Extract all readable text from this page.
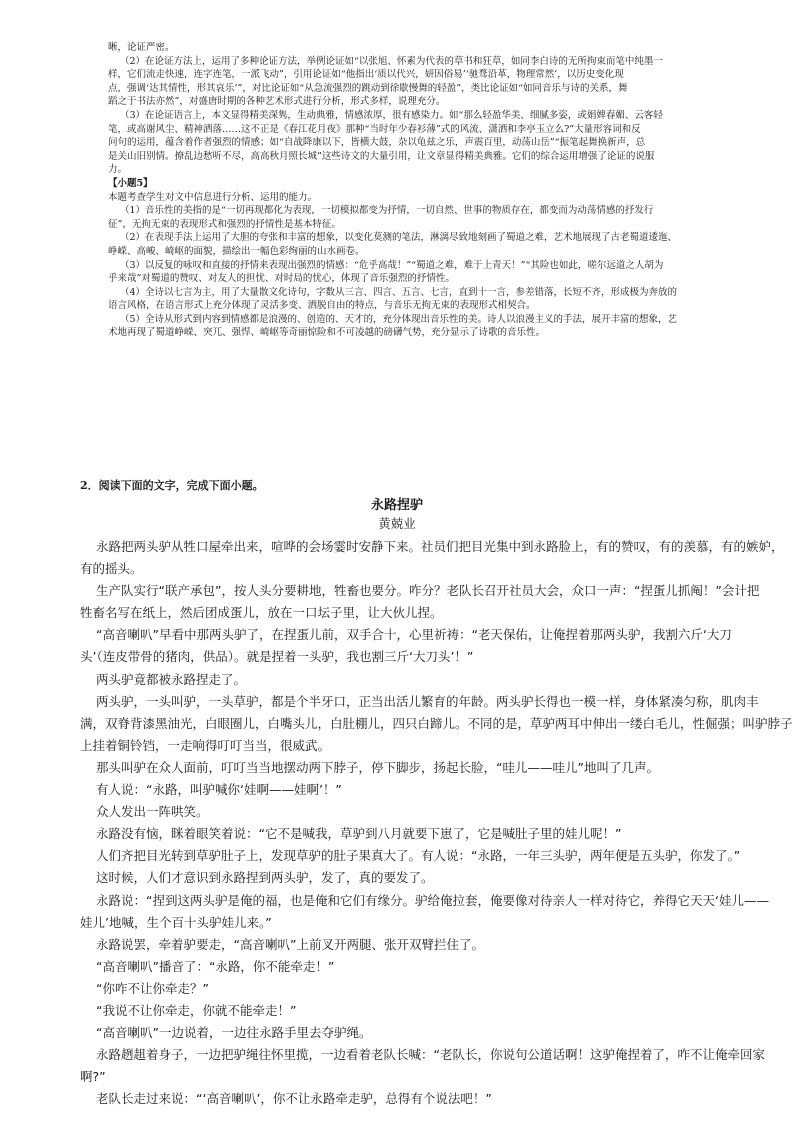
晰，论证严密。
（2）在论证方法上，运用了多种论证方法，举例论证如“以张旭、怀素为代表的草书和狂草，如同李白诗的无所拘束而笔中纯墨一
样，它们流走快速，连字连笔，一派飞动”，引用论证如“他指出‘质以代兴，妍因俗易’‘驰骛沿革，物理常然’，以历史变化现
点，强调‘达其情性，形其哀乐’”，对比论证如“从急流强烈的跳动到徐歇慢舞的轻盈”，类比论证如“如同音乐与诗的关系，舞
蹈之于书法亦然”，对盛唐时期的各种艺术形式进行分析，形式多样，说理充分。
（3）在论证语言上，本文显得精美深隽，生动典雅，情感浓厚，很有感染力。如“那么轻盈华美、细腻多姿，或娟婢春媚、云客轻
笔，或高谢风尘、精神洒落……这不正是《春江花月夜》那种“当时年少春衫薄”式的风流、潇洒和李亭玉立么?”大量形容词和反
问句的运用，蕴含着作者强烈的情感；如“自战降康以下，皆横大鼓，杂以龟兹之乐，声震百里，动荡山岳”“振笔起舞换新声，总
是关山旧别情。撩乱边愁听不尽，高高秋月照长城”这些诗文的大量引用，让文章显得精美典雅。它们的综合运用增强了论证的说服
力。
【小题5】
本题考查学生对文中信息进行分析、运用的能力。
（1）音乐性的美指的是“一切再现都化为表现，一切模拟都变为抒情，一切自然、世事的物质存在，都变而为动荡情感的抒发行
征”，无拘无束的表现形式和强烈的抒情性是基本特征。
（2）在表现手法上运用了大胆的夸张和丰富的想象，以变化莫测的笔法，淋漓尽致地刻画了蜀道之难，艺术地展现了古老蜀道逶迤、
峥嵘、高峻、崎岖的面貌，描绘出一幅色彩绚丽的山水画卷。
（3）以反复的咏叹和直接的抒情来表现出强烈的情感：“危乎高哉！”“蜀道之难，难于上青天！”“其险也如此，嗟尔远道之人胡为
乎来哉”对蜀道的赞叹、对友人的担忧、对时局的忧心，体现了音乐强烈的抒情性。
（4）全诗以七言为主，用了大量散文化诗句，字数从三言、四言、五言、七言，直到十一言，参差错落，长短不齐，形成极为奔放的
语言风格，在语言形式上充分体现了灵活多变、洒脱自由的特点，与音乐无拘无束的表现形式相契合。
（5）全诗从形式到内容到情感都是浪漫的、创造的、天才的，充分体现出音乐性的美。诗人以浪漫主义的手法，展开丰富的想象，艺
术地再现了蜀道峥嵘、突兀、强悍、崎岖等奇丽惊险和不可凌越的磅礴气势，充分显示了诗歌的音乐性。
2．阅读下面的文字，完成下面小题。
永路捏驴
黄兢业
永路把两头驴从牲口屋牵出来，喧哗的会场霎时安静下来。社员们把目光集中到永路脸上，有的赞叹，有的羡慕，有的嫉妒，
有的摇头。
生产队实行“联产承包”，按人头分要耕地，牲畜也要分。咋分？老队长召开社员大会，众口一声：“捏蛋儿抓阄！”会计把
牲畜名写在纸上，然后团成蛋儿，放在一口坛子里，让大伙儿捏。
“高音喇叭”早看中那两头驴了，在捏蛋儿前，双手合十，心里祈祷：“老天保佑，让俺捏着那两头驴，我割六斤‘大刀
头’（连皮带骨的猪肉，供品）。就是捏着一头驴，我也割三斤‘大刀头’！”
两头驴竟都被永路捏走了。
两头驴，一头叫驴，一头草驴，都是个半牙口，正当出活儿繁育的年龄。两头驴长得也一模一样，身体紧凑匀称，肌肉丰
满，双脊背漆黑油光，白眼圈儿，白嘴头儿，白肚棚儿，四只白蹄儿。不同的是，草驴两耳中伸出一缕白毛儿，性倔强；叫驴脖子
上挂着铜铃铛，一走响得叮叮当当，很威武。
那头叫驴在众人面前，叮叮当当地摆动两下脖子，停下脚步，扬起长脸，“哇儿——哇儿”地叫了几声。
有人说：“永路，叫驴喊你‘娃啊——娃啊’！”
众人发出一阵哄笑。
永路没有恼，眯着眼笑着说：“它不是喊我，草驴到八月就要下崽了，它是喊肚子里的娃儿呢！”
人们齐把目光转到草驴肚子上，发现草驴的肚子果真大了。有人说：“永路，一年三头驴，两年便是五头驴，你发了。”
这时候，人们才意识到永路捏到两头驴，发了，真的要发了。
永路说：“捏到这两头驴是俺的福，也是俺和它们有缘分。驴给俺拉套，俺要像对待亲人一样对待它，养得它天天‘娃儿——
娃儿’地喊，生个百十头驴娃儿来。”
永路说罢，牵着驴要走，“高音喇叭”上前叉开两腿、张开双臂拦住了。
“高音喇叭”播音了：“永路，你不能牵走！”
“你咋不让你牵走？”
“我说不让你牵走，你就不能牵走！”
“高音喇叭”一边说着，一边往永路手里去夺驴绳。
永路趔趄着身子，一边把驴绳往怀里揽，一边看着老队长喊：“老队长，你说句公道话啊！这驴俺捏着了，咋不让俺牵回家
啊?”
老队长走过来说：“‘高音喇叭’，你不让永路牵走驴，总得有个说法吧！”
